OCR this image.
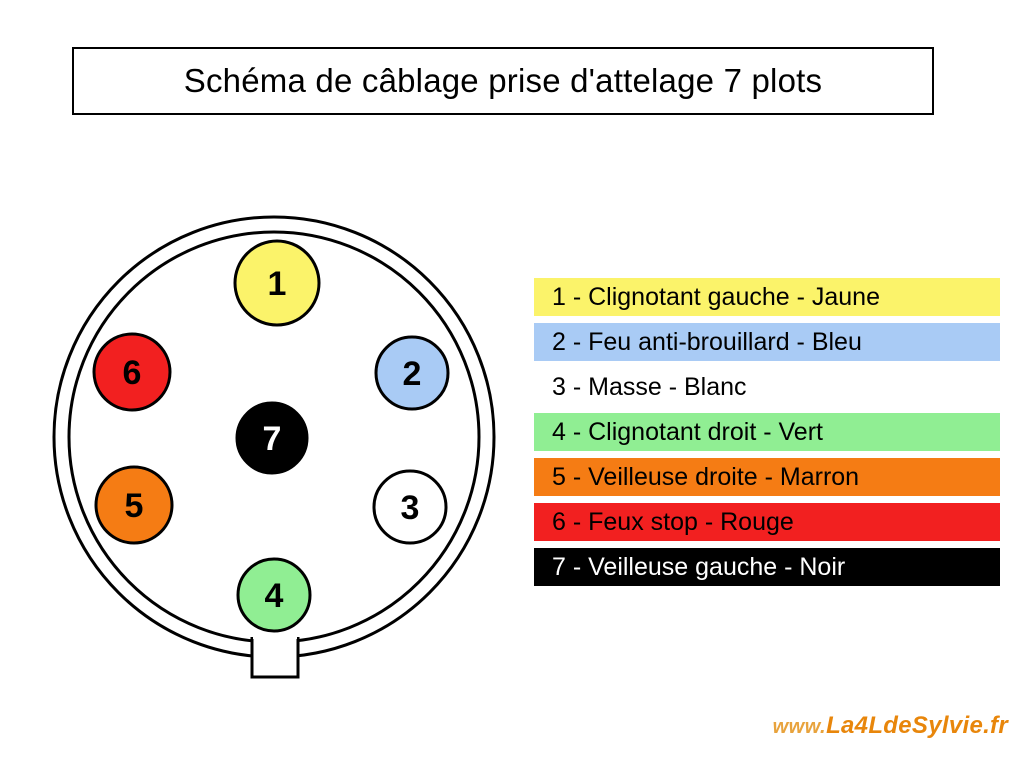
Schéma de câblage prise d'attelage 7 plots
1
2
3
4
5
6
7
1 - Clignotant gauche - Jaune
2 - Feu anti-brouillard - Bleu
3 - Masse - Blanc
4 - Clignotant droit - Vert
5 - Veilleuse droite - Marron
6 - Feux stop - Rouge
7 - Veilleuse gauche - Noir
www. La4LdeSylvie.fr
